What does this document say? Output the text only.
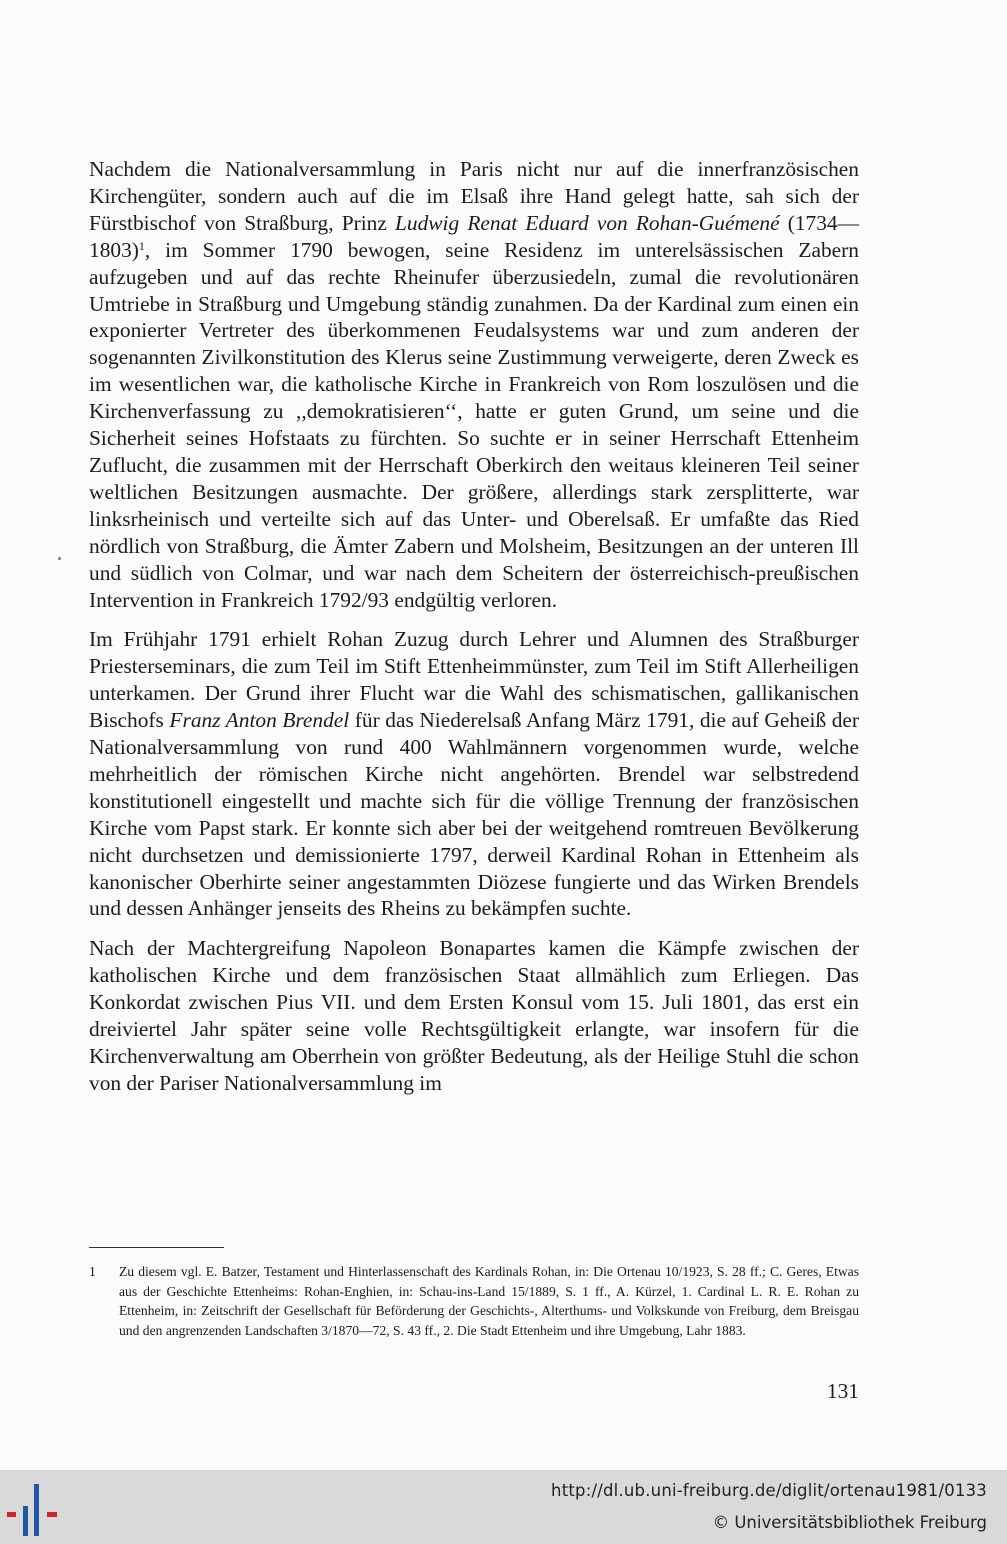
Nachdem die Nationalversammlung in Paris nicht nur auf die innerfranzösischen Kirchengüter, sondern auch auf die im Elsaß ihre Hand gelegt hatte, sah sich der Fürstbischof von Straßburg, Prinz Ludwig Renat Eduard von Rohan-Guémené (1734—1803)$^1$, im Sommer 1790 bewogen, seine Residenz im unterelsässischen Zabern aufzugeben und auf das rechte Rheinufer überzusiedeln, zumal die revolutionären Umtriebe in Straßburg und Umgebung ständig zunahmen. Da der Kardinal zum einen ein exponierter Vertreter des überkommenen Feudalsystems war und zum anderen der sogenannten Zivilkonstitution des Klerus seine Zustimmung verweigerte, deren Zweck es im wesentlichen war, die katholische Kirche in Frankreich von Rom loszulösen und die Kirchenverfassung zu ,,demokratisieren‘‘, hatte er guten Grund, um seine und die Sicherheit seines Hofstaats zu fürchten. So suchte er in seiner Herrschaft Ettenheim Zuflucht, die zusammen mit der Herrschaft Oberkirch den weitaus kleineren Teil seiner weltlichen Besitzungen ausmachte. Der größere, allerdings stark zersplitterte, war linksrheinisch und verteilte sich auf das Unter- und Oberelsaß. Er umfaßte das Ried nördlich von Straßburg, die Ämter Zabern und Molsheim, Besitzungen an der unteren Ill und südlich von Colmar, und war nach dem Scheitern der österreichisch-preußischen Intervention in Frankreich 1792/93 endgültig verloren.

Im Frühjahr 1791 erhielt Rohan Zuzug durch Lehrer und Alumnen des Straßburger Priesterseminars, die zum Teil im Stift Ettenheimmünster, zum Teil im Stift Allerheiligen unterkamen. Der Grund ihrer Flucht war die Wahl des schismatischen, gallikanischen Bischofs Franz Anton Brendel für das Niederelsaß Anfang März 1791, die auf Geheiß der Nationalversammlung von rund 400 Wahlmännern vorgenommen wurde, welche mehrheitlich der römischen Kirche nicht angehörten. Brendel war selbstredend konstitutionell eingestellt und machte sich für die völlige Trennung der französischen Kirche vom Papst stark. Er konnte sich aber bei der weitgehend romtreuen Bevölkerung nicht durchsetzen und demissionierte 1797, derweil Kardinal Rohan in Ettenheim als kanonischer Oberhirte seiner angestammten Diözese fungierte und das Wirken Brendels und dessen Anhänger jenseits des Rheins zu bekämpfen suchte.

Nach der Machtergreifung Napoleon Bonapartes kamen die Kämpfe zwischen der katholischen Kirche und dem französischen Staat allmählich zum Erliegen. Das Konkordat zwischen Pius VII. und dem Ersten Konsul vom 15. Juli 1801, das erst ein dreiviertel Jahr später seine volle Rechtsgültigkeit erlangte, war insofern für die Kirchenverwaltung am Oberrhein von größter Bedeutung, als der Heilige Stuhl die schon von der Pariser Nationalversammlung im

1 Zu diesem vgl. E. Batzer, Testament und Hinterlassenschaft des Kardinals Rohan, in: Die Ortenau 10/1923, S. 28 ff.; C. Geres, Etwas aus der Geschichte Ettenheims: Rohan-Enghien, in: Schau-ins-Land 15/1889, S. 1 ff., A. Kürzel, 1. Cardinal L. R. E. Rohan zu Ettenheim, in: Zeitschrift der Gesellschaft für Beförderung der Geschichts-, Alterthums- und Volkskunde von Freiburg, dem Breisgau und den angrenzenden Landschaften 3/1870—72, S. 43 ff., 2. Die Stadt Ettenheim und ihre Umgebung, Lahr 1883.
131
http://dl.ub.uni-freiburg.de/diglit/ortenau1981/0133
© Universitätsbibliothek Freiburg
